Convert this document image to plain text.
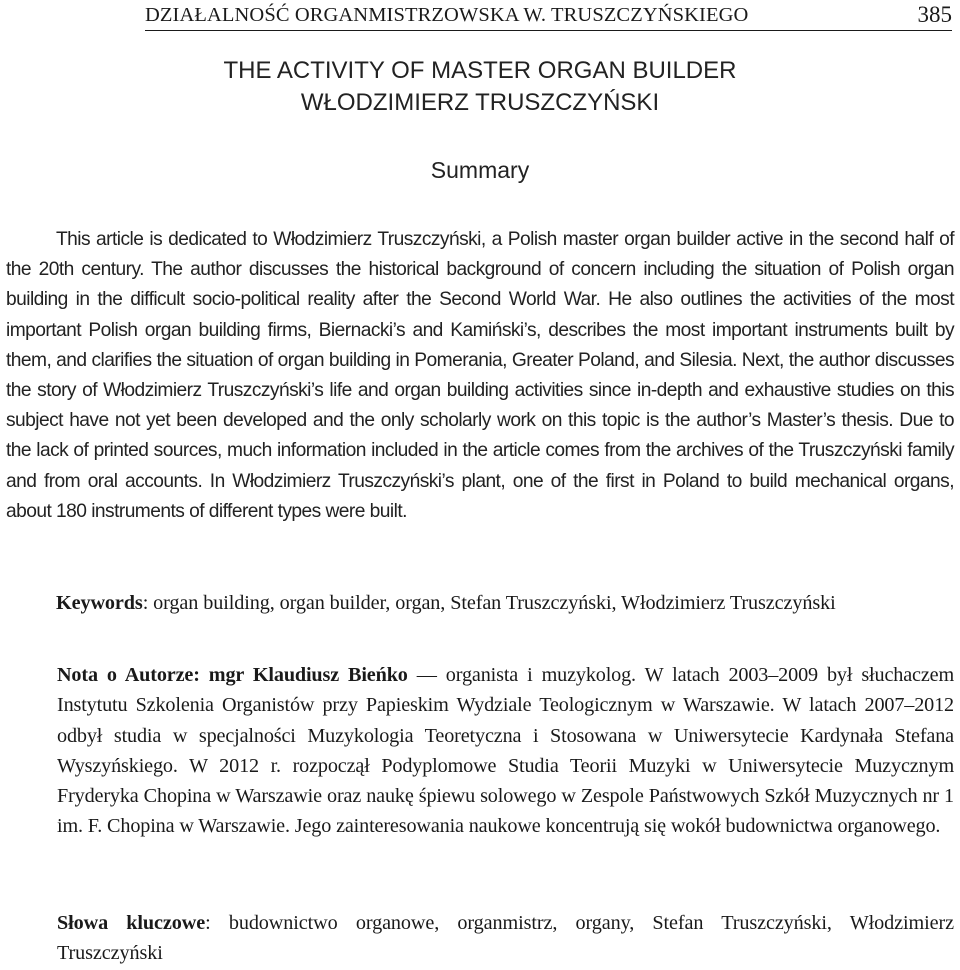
DZIAŁALNOŚĆ ORGANMISTRZOWSKA W. TRUSZCZYŃSKIEGO	385
THE ACTIVITY OF MASTER ORGAN BUILDER
WŁODZIMIERZ TRUSZCZYŃSKI
Summary

This article is dedicated to Włodzimierz Truszczyński, a Polish master organ builder active in the second half of the 20th century. The author discusses the historical background of concern including the situation of Polish organ building in the difficult socio-political reality after the Second World War. He also outlines the activities of the most important Polish organ building firms, Biernacki’s and Kamiński’s, describes the most important instruments built by them, and clarifies the situation of organ building in Pomerania, Greater Poland, and Silesia. Next, the author discusses the story of Włodzimierz Truszczyński’s life and organ building activities since in-depth and exhaustive studies on this subject have not yet been developed and the only scholarly work on this topic is the author’s Master’s thesis. Due to the lack of printed sources, much information included in the article comes from the archives of the Truszczyński family and from oral accounts. In Włodzimierz Truszczyński’s plant, one of the first in Poland to build mechanical organs, about 180 instruments of different types were built.

Keywords: organ building, organ builder, organ, Stefan Truszczyński, Włodzimierz Truszczyński

Nota o Autorze: mgr Klaudiusz Bieńko — organista i muzykolog. W latach 2003–2009 był słuchaczem Instytutu Szkolenia Organistów przy Papieskim Wydziale Teologicznym w Warszawie. W latach 2007–2012 odbył studia w specjalności Muzykologia Teoretyczna i Stosowana w Uniwersytecie Kardynała Stefana Wyszyńskiego. W 2012 r. rozpoczął Podyplomowe Studia Teorii Muzyki w Uniwersytecie Muzycznym Fryderyka Chopina w Warszawie oraz naukę śpiewu solowego w Zespole Państwowych Szkół Muzycznych nr 1 im. F. Chopina w Warszawie. Jego zainteresowania naukowe koncentrują się wokół budownictwa organowego.

Słowa kluczowe: budownictwo organowe, organmistrz, organy, Stefan Truszczyński, Włodzimierz Truszczyński
